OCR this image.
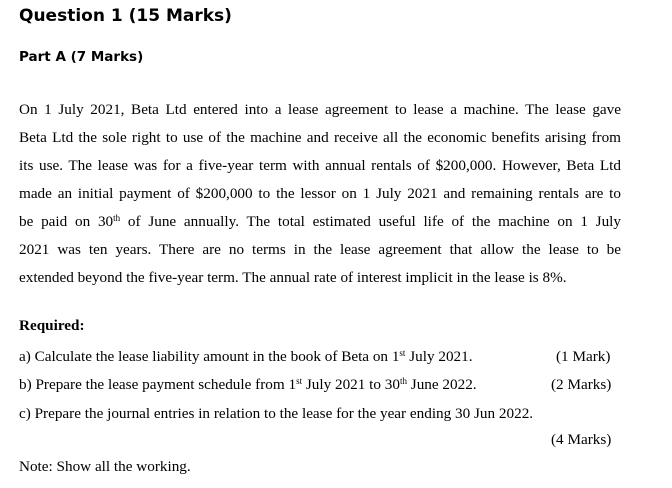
Question 1 (15 Marks)
Part A (7 Marks)

On 1 July 2021, Beta Ltd entered into a lease agreement to lease a machine. The lease gave
Beta Ltd the sole right to use of the machine and receive all the economic benefits arising from
its use. The lease was for a five-year term with annual rentals of $200,000. However, Beta Ltd
made an initial payment of $200,000 to the lessor on 1 July 2021 and remaining rentals are to
be paid on 30th of June annually. The total estimated useful life of the machine on 1 July
2021 was ten years. There are no terms in the lease agreement that allow the lease to be
extended beyond the five-year term. The annual rate of interest implicit in the lease is 8%.

Required:
a) Calculate the lease liability amount in the book of Beta on 1st July 2021.	(1 Mark)
b) Prepare the lease payment schedule from 1st July 2021 to 30th June 2022.	(2 Marks)
c) Prepare the journal entries in relation to the lease for the year ending 30 Jun 2022.
(4 Marks)
Note: Show all the working.
